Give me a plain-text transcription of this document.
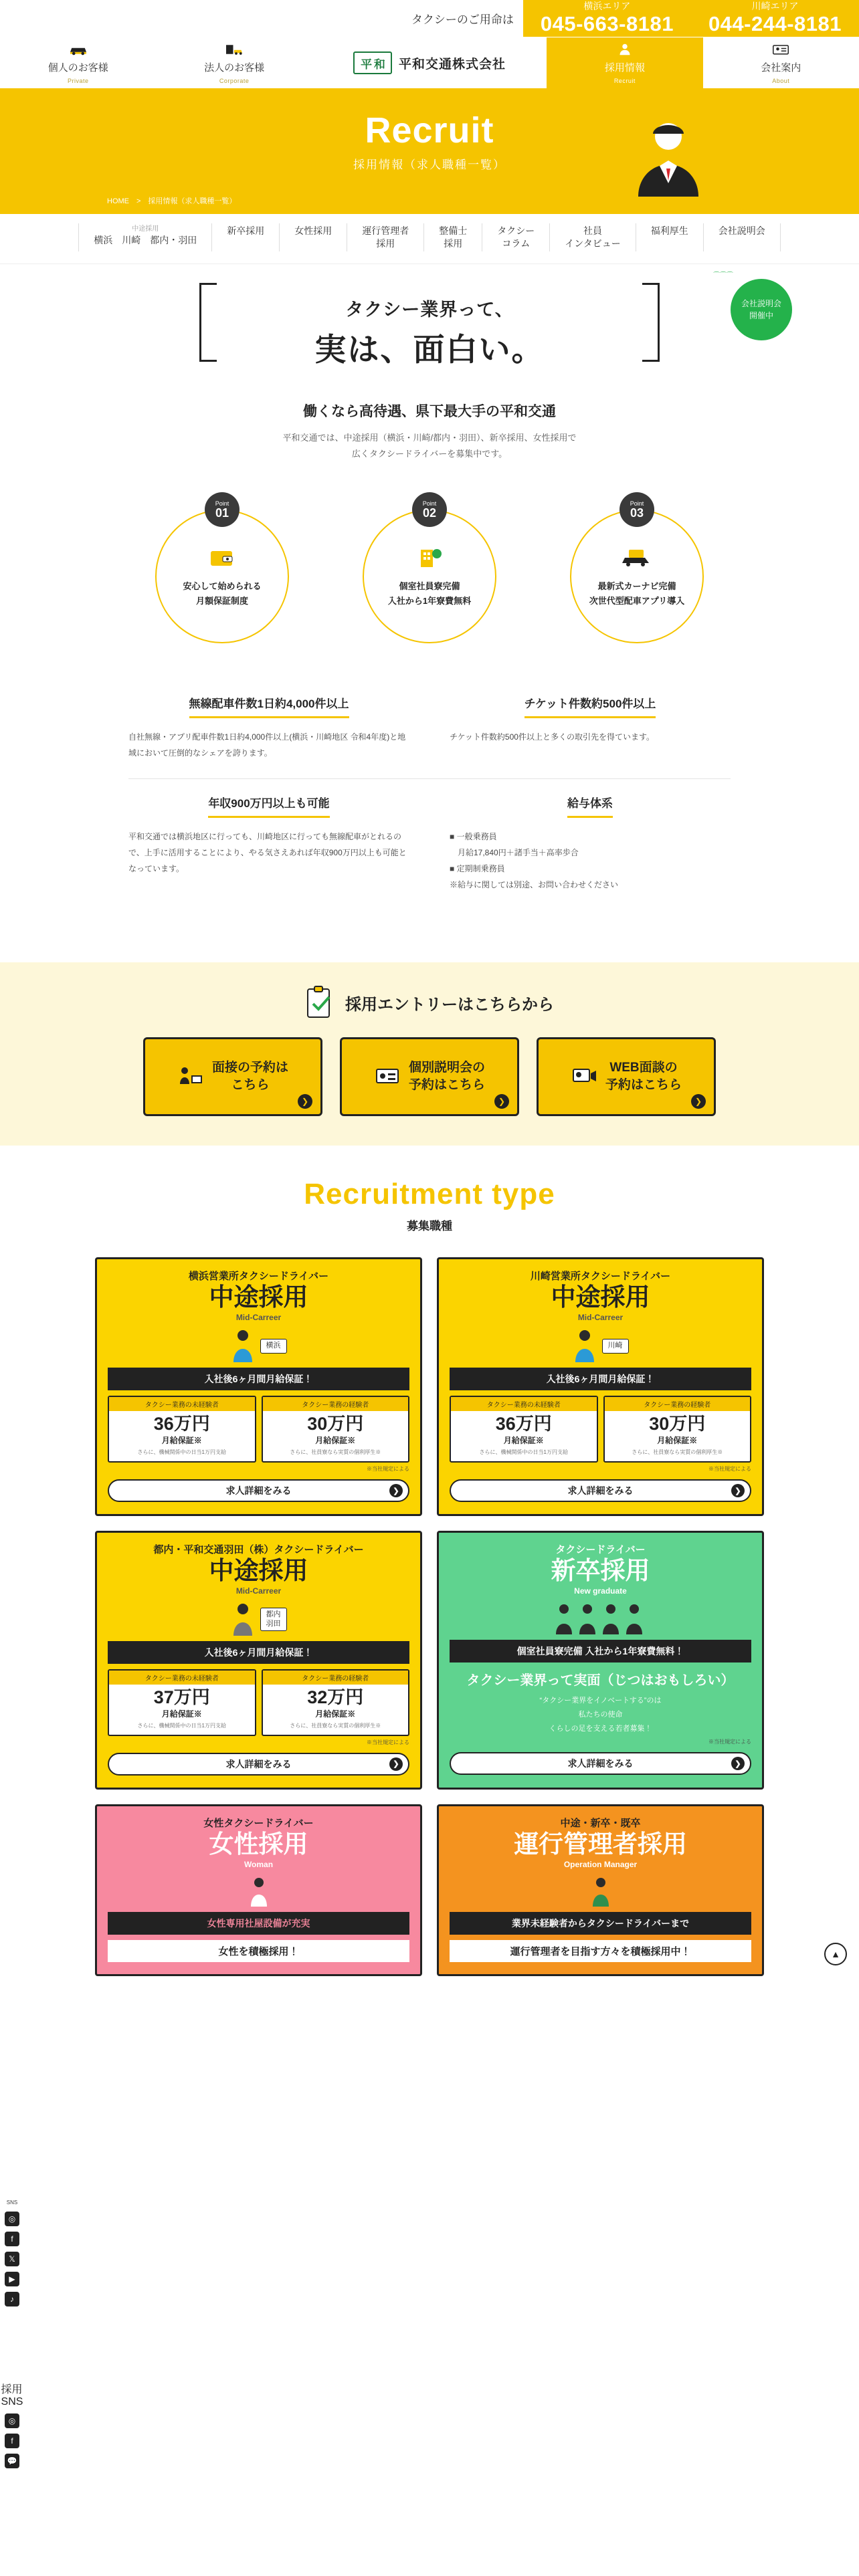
タクシーのご用命は
横浜エリア
045-663-8181
川崎エリア
044-244-8181
個人のお客様
Private
法人のお客様
Corporate
平 和	平和交通株式会社	採用情報
Recruit
会社案内
About
Recruit
採用情報（求人職種一覧）
HOME　>　採用情報（求人職種一覧）
中途採用
横浜　川崎　都内・羽田
新卒採用	女性採用	運行管理者
採用
整備士
採用
タクシー
コラム
社員
インタビュー
福利厚生	会社説明会
⌒⌒⌒
会社説明会
開催中
タクシー業界って、
実は、面白い。
働くなら高待遇、県下最大手の平和交通

平和交通では、中途採用（横浜・川崎/都内・羽田）、新卒採用、女性採用で
広くタクシードライバーを募集中です。

Point
01
安心して始められる
月額保証制度
Point
02
個室社員寮完備
入社から1年寮費無料
Point
03
最新式カーナビ完備
次世代型配車アプリ導入
無線配車件数1日約4,000件以上

自社無線・アプリ配車件数1日約4,000件以上(横浜・川崎地区 令和4年度)と地域において圧倒的なシェアを誇ります。

チケット件数約500件以上

チケット件数約500件以上と多くの取引先を得ています。

年収900万円以上も可能

平和交通では横浜地区に行っても、川崎地区に行っても無線配車がとれるので、上手に活用することにより、やる気さえあれば年収900万円以上も可能となっています。

給与体系
■ 一般乗務員
　月給17,840円＋諸手当＋高率歩合
■ 定期制乗務員
※給与に関しては別途、お問い合わせください
採用エントリーはこちらから
面接の予約は
こちら
❯
個別説明会の
予約はこちら
❯
WEB面談の
予約はこちら
❯
Recruitment type
募集職種
横浜営業所タクシードライバー
中途採用
Mid-Carreer
横浜
入社後6ヶ月間月給保証！
タクシー業務の未経験者
36万円
月給保証※
さらに、機械関係中の日当1万円支給
タクシー業務の経験者
30万円
月給保証※
さらに、社員寮なら実質の個利厚生※
※当社規定による
求人詳細をみる	❯
川崎営業所タクシードライバー
中途採用
Mid-Carreer
川崎
入社後6ヶ月間月給保証！
タクシー業務の未経験者
36万円
月給保証※
さらに、機械関係中の日当1万円支給
タクシー業務の経験者
30万円
月給保証※
さらに、社員寮なら実質の個利厚生※
※当社規定による
求人詳細をみる	❯
都内・平和交通羽田（株）タクシードライバー
中途採用
Mid-Carreer
都内
羽田
入社後6ヶ月間月給保証！
タクシー業務の未経験者
37万円
月給保証※
さらに、機械関係中の日当1万円支給
タクシー業務の経験者
32万円
月給保証※
さらに、社員寮なら実質の個利厚生※
※当社規定による
求人詳細をみる	❯
タクシードライバー
新卒採用
New graduate
個室社員寮完備 入社から1年寮費無料！
タクシー業界って実面（じつはおもしろい）
“タクシー業界をイノベートする”のは
私たちの使命
くらしの足を支える若者募集！
※当社規定による
求人詳細をみる	❯
女性タクシードライバー
女性採用
Woman
女性専用社屋設備が充実
女性を積極採用！
中途・新卒・既卒
運行管理者採用
Operation Manager
業界未経験者からタクシードライバーまで
運行管理者を目指す方々を積極採用中！
SNS
◎
f
𝕏
▶
♪
採用
SNS
◎
f
💬
▲
